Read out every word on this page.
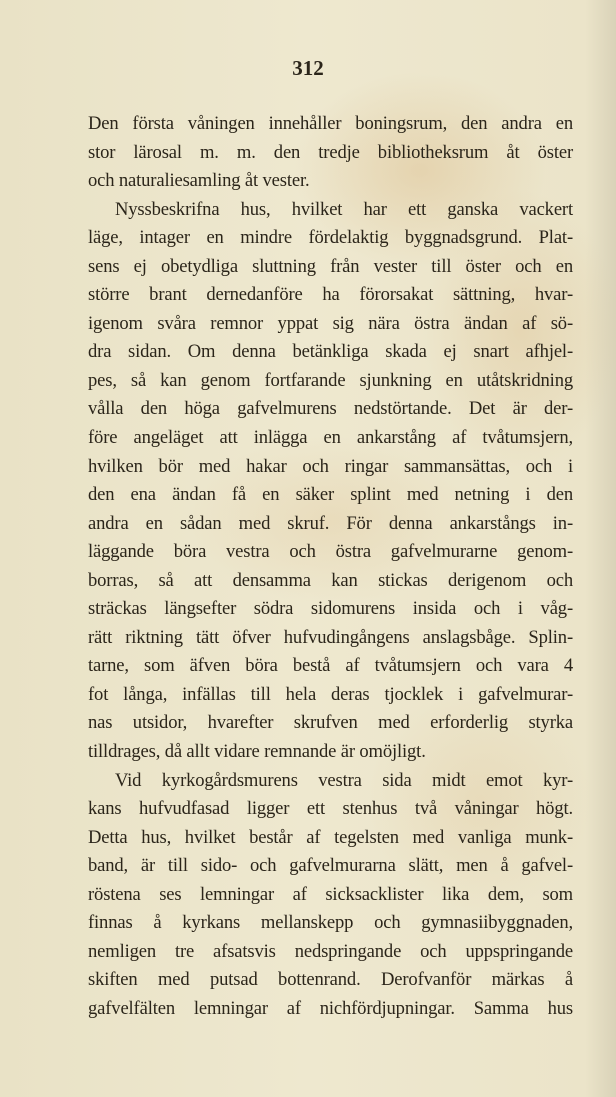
312
Den första våningen innehåller boningsrum, den andra en
stor lärosal m. m. den tredje bibliotheksrum åt öster
och naturaliesamling åt vester.
Nyssbeskrifna hus, hvilket har ett ganska vackert
läge, intager en mindre fördelaktig byggnadsgrund. Plat-
sens ej obetydliga sluttning från vester till öster och en
större brant dernedanföre ha förorsakat sättning, hvar-
igenom svåra remnor yppat sig nära östra ändan af sö-
dra sidan. Om denna betänkliga skada ej snart afhjel-
pes, så kan genom fortfarande sjunkning en utåtskridning
vålla den höga gafvelmurens nedstörtande. Det är der-
före angeläget att inlägga en ankarstång af tvåtumsjern,
hvilken bör med hakar och ringar sammansättas, och i
den ena ändan få en säker splint med netning i den
andra en sådan med skruf. För denna ankarstångs in-
läggande böra vestra och östra gafvelmurarne genom-
borras, så att densamma kan stickas derigenom och
sträckas längsefter södra sidomurens insida och i våg-
rätt riktning tätt öfver hufvudingångens anslagsbåge. Splin-
tarne, som äfven böra bestå af tvåtumsjern och vara 4
fot långa, infällas till hela deras tjocklek i gafvelmurar-
nas utsidor, hvarefter skrufven med erforderlig styrka
tilldrages, då allt vidare remnande är omöjligt.
Vid kyrkogårdsmurens vestra sida midt emot kyr-
kans hufvudfasad ligger ett stenhus två våningar högt.
Detta hus, hvilket består af tegelsten med vanliga munk-
band, är till sido- och gafvelmurarna slätt, men å gafvel-
röstena ses lemningar af sicksacklister lika dem, som
finnas å kyrkans mellanskepp och gymnasiibyggnaden,
nemligen tre afsatsvis nedspringande och uppspringande
skiften med putsad bottenrand. Derofvanför märkas å
gafvelfälten lemningar af nichfördjupningar. Samma hus
